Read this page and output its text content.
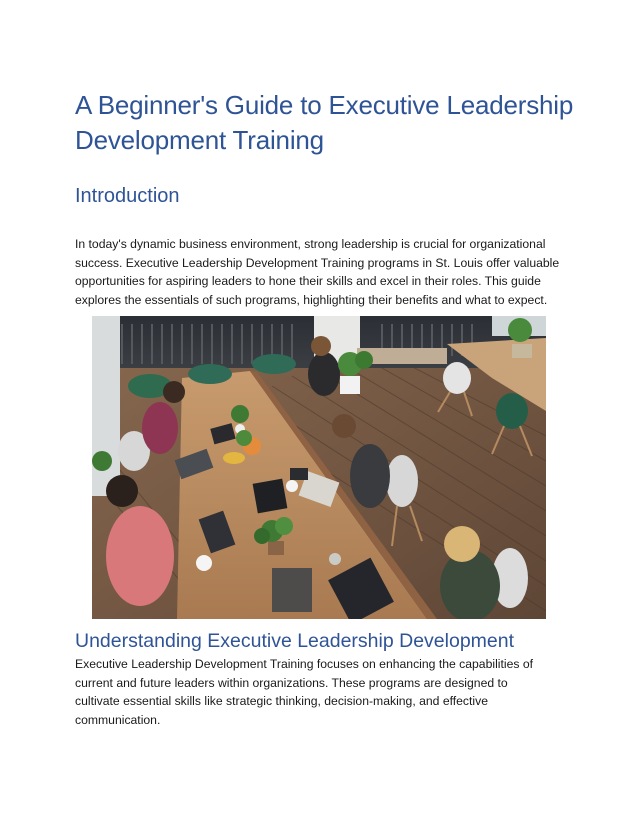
A Beginner's Guide to Executive Leadership Development Training
Introduction

In today's dynamic business environment, strong leadership is crucial for organizational success. Executive Leadership Development Training programs in St. Louis offer valuable opportunities for aspiring leaders to hone their skills and excel in their roles. This guide explores the essentials of such programs, highlighting their benefits and what to expect.

Understanding Executive Leadership Development

Executive Leadership Development Training focuses on enhancing the capabilities of current and future leaders within organizations. These programs are designed to cultivate essential skills like strategic thinking, decision-making, and effective communication.
